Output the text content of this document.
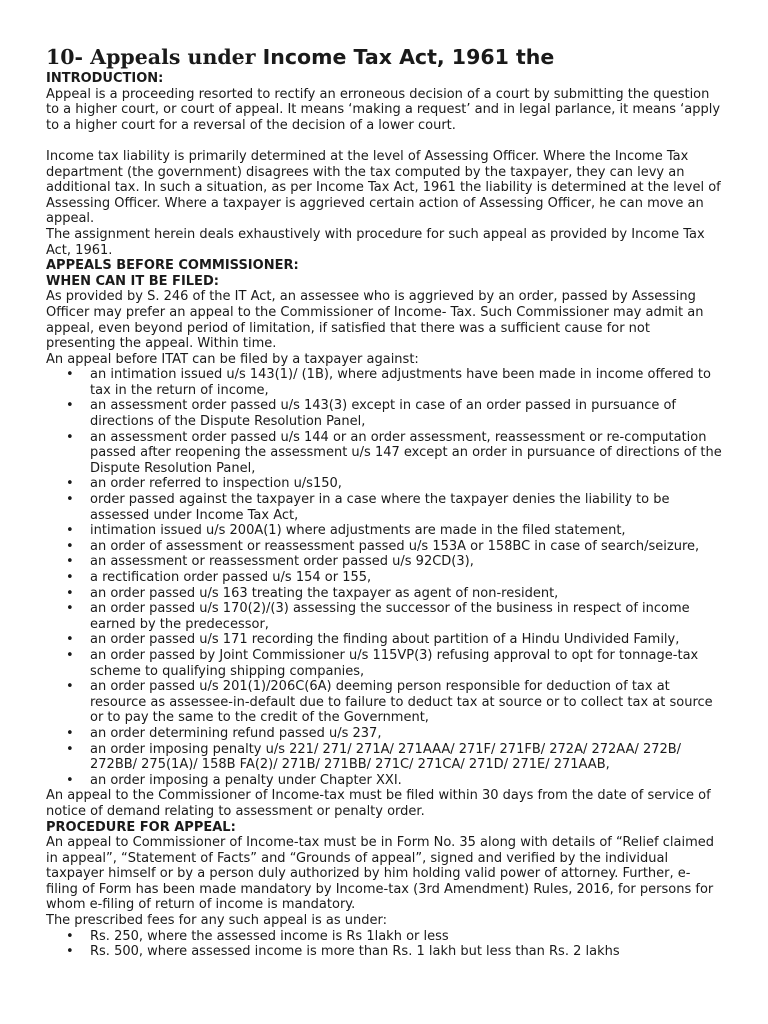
10- Appeals under Income Tax Act, 1961 the

INTRODUCTION:

Appeal is a proceeding resorted to rectify an erroneous decision of a court by submitting the question to a higher court, or court of appeal. It means ‘making a request’ and in legal parlance, it means ‘apply to a higher court for a reversal of the decision of a lower court.

Income tax liability is primarily determined at the level of Assessing Officer. Where the Income Tax department (the government) disagrees with the tax computed by the taxpayer, they can levy an additional tax. In such a situation, as per Income Tax Act, 1961 the liability is determined at the level of Assessing Officer. Where a taxpayer is aggrieved certain action of Assessing Officer, he can move an appeal.

The assignment herein deals exhaustively with procedure for such appeal as provided by Income Tax Act, 1961.

APPEALS BEFORE COMMISSIONER:

WHEN CAN IT BE FILED:

As provided by S. 246 of the IT Act, an assessee who is aggrieved by an order, passed by Assessing Officer may prefer an appeal to the Commissioner of Income- Tax. Such Commissioner may admit an appeal, even beyond period of limitation, if satisfied that there was a sufficient cause for not presenting the appeal. Within time.

An appeal before ITAT can be filed by a taxpayer against:

• an intimation issued u/s 143(1)/ (1B), where adjustments have been made in income offered to tax in the return of income,
• an assessment order passed u/s 143(3) except in case of an order passed in pursuance of directions of the Dispute Resolution Panel,
• an assessment order passed u/s 144 or an order assessment, reassessment or re-computation passed after reopening the assessment u/s 147 except an order in pursuance of directions of the Dispute Resolution Panel,
• an order referred to inspection u/s150,
• order passed against the taxpayer in a case where the taxpayer denies the liability to be assessed under Income Tax Act,
• intimation issued u/s 200A(1) where adjustments are made in the filed statement,
• an order of assessment or reassessment passed u/s 153A or 158BC in case of search/seizure,
• an assessment or reassessment order passed u/s 92CD(3),
• a rectification order passed u/s 154 or 155,
• an order passed u/s 163 treating the taxpayer as agent of non-resident,
• an order passed u/s 170(2)/(3) assessing the successor of the business in respect of income earned by the predecessor,
• an order passed u/s 171 recording the finding about partition of a Hindu Undivided Family,
• an order passed by Joint Commissioner u/s 115VP(3) refusing approval to opt for tonnage-tax scheme to qualifying shipping companies,
• an order passed u/s 201(1)/206C(6A) deeming person responsible for deduction of tax at resource as assessee-in-default due to failure to deduct tax at source or to collect tax at source or to pay the same to the credit of the Government,
• an order determining refund passed u/s 237,
• an order imposing penalty u/s 221/ 271/ 271A/ 271AAA/ 271F/ 271FB/ 272A/ 272AA/ 272B/ 272BB/ 275(1A)/ 158B FA(2)/ 271B/ 271BB/ 271C/ 271CA/ 271D/ 271E/ 271AAB,
• an order imposing a penalty under Chapter XXI.

An appeal to the Commissioner of Income-tax must be filed within 30 days from the date of service of notice of demand relating to assessment or penalty order.

PROCEDURE FOR APPEAL:

An appeal to Commissioner of Income-tax must be in Form No. 35 along with details of “Relief claimed in appeal”, “Statement of Facts” and “Grounds of appeal”, signed and verified by the individual taxpayer himself or by a person duly authorized by him holding valid power of attorney. Further, e-filing of Form has been made mandatory by Income-tax (3rd Amendment) Rules, 2016, for persons for whom e-filing of return of income is mandatory.

The prescribed fees for any such appeal is as under:

• Rs. 250, where the assessed income is Rs 1lakh or less
• Rs. 500, where assessed income is more than Rs. 1 lakh but less than Rs. 2 lakhs
